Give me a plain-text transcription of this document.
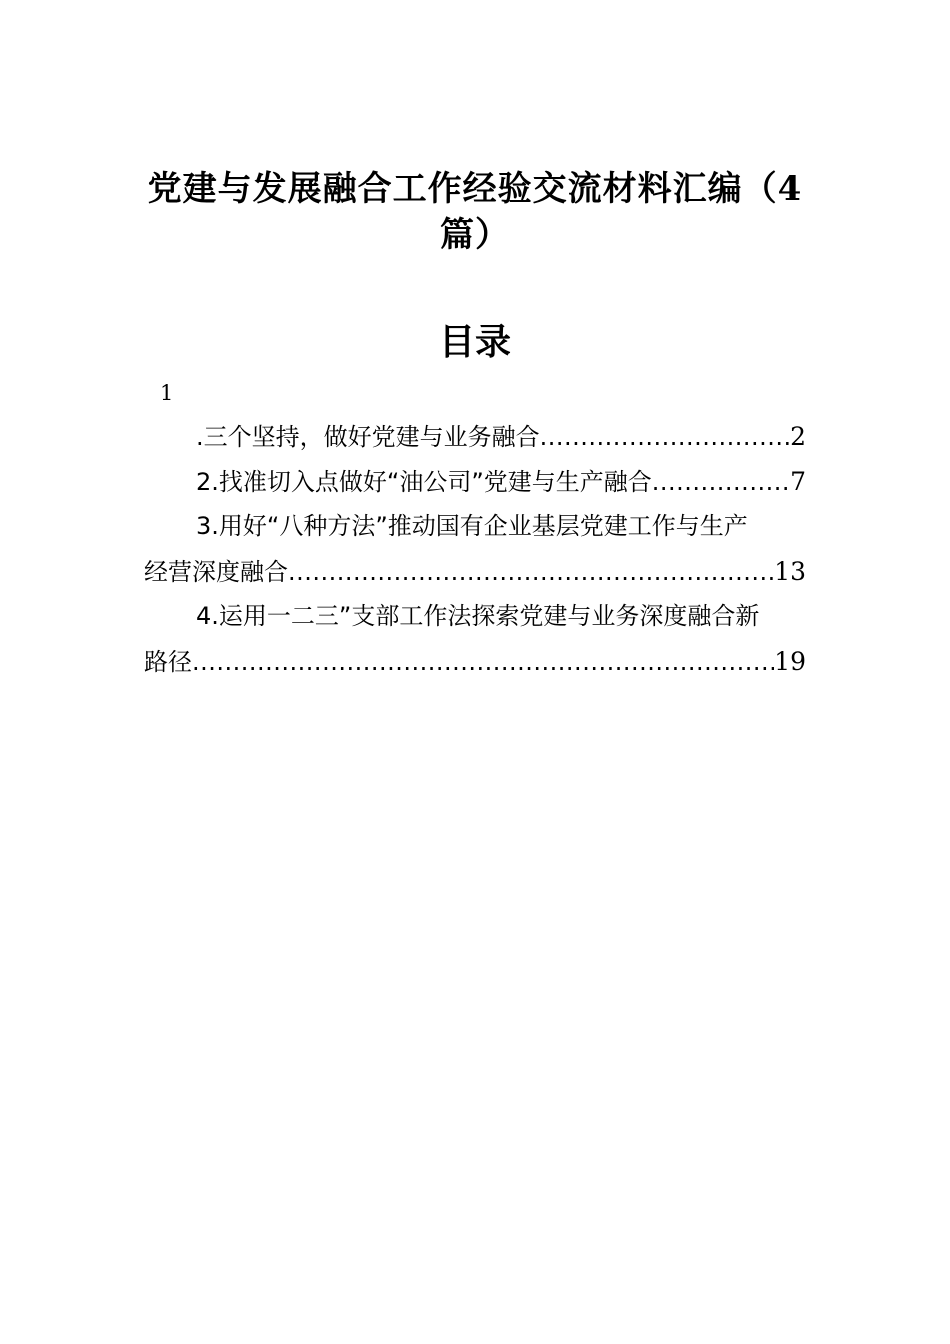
党建与发展融合工作经验交流材料汇编（4
篇）
目录
1
.三个坚持，做好党建与业务融合 .....	2
2.找准切入点做好“油公司”党建与生产融合 .....	7
3.用好“八种方法”推动国有企业基层党建工作与生产
经营深度融合 .....	13
4.运用一二三”支部工作法探索党建与业务深度融合新
路径 .....	19
